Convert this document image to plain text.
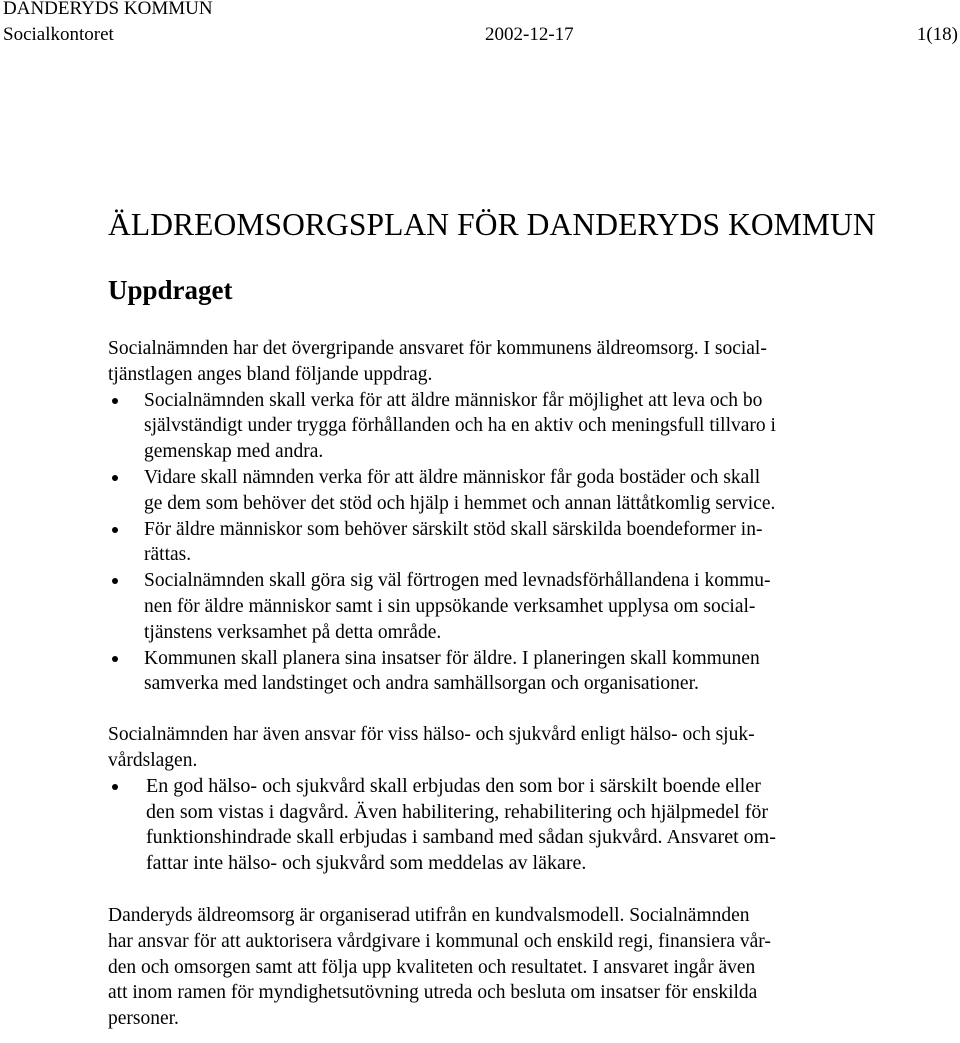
DANDERYDS KOMMUN
Socialkontoret	2002-12-17	1(18)
ÄLDREOMSORGSPLAN FÖR DANDERYDS KOMMUN
Uppdraget

Socialnämnden har det övergripande ansvaret för kommunens äldreomsorg. I social-
tjänstlagen anges bland följande uppdrag.

Socialnämnden skall verka för att äldre människor får möjlighet att leva och bo
självständigt under trygga förhållanden och ha en aktiv och meningsfull tillvaro i
gemenskap med andra.
Vidare skall nämnden verka för att äldre människor får goda bostäder och skall
ge dem som behöver det stöd och hjälp i hemmet och annan lättåtkomlig service.
För äldre människor som behöver särskilt stöd skall särskilda boendeformer in-
rättas.
Socialnämnden skall göra sig väl förtrogen med levnadsförhållandena i kommu-
nen för äldre människor samt i sin uppsökande verksamhet upplysa om social-
tjänstens verksamhet på detta område.
Kommunen skall planera sina insatser för äldre. I planeringen skall kommunen
samverka med landstinget och andra samhällsorgan och organisationer.

Socialnämnden har även ansvar för viss hälso- och sjukvård enligt hälso- och sjuk-
vårdslagen.

En god hälso- och sjukvård skall erbjudas den som bor i särskilt boende eller
den som vistas i dagvård. Även habilitering, rehabilitering och hjälpmedel för
funktionshindrade skall erbjudas i samband med sådan sjukvård. Ansvaret om-
fattar inte hälso- och sjukvård som meddelas av läkare.

Danderyds äldreomsorg är organiserad utifrån en kundvalsmodell. Socialnämnden
har ansvar för att auktorisera vårdgivare i kommunal och enskild regi, finansiera vår-
den och omsorgen samt att följa upp kvaliteten och resultatet. I ansvaret ingår även
att inom ramen för myndighetsutövning utreda och besluta om insatser för enskilda
personer.
